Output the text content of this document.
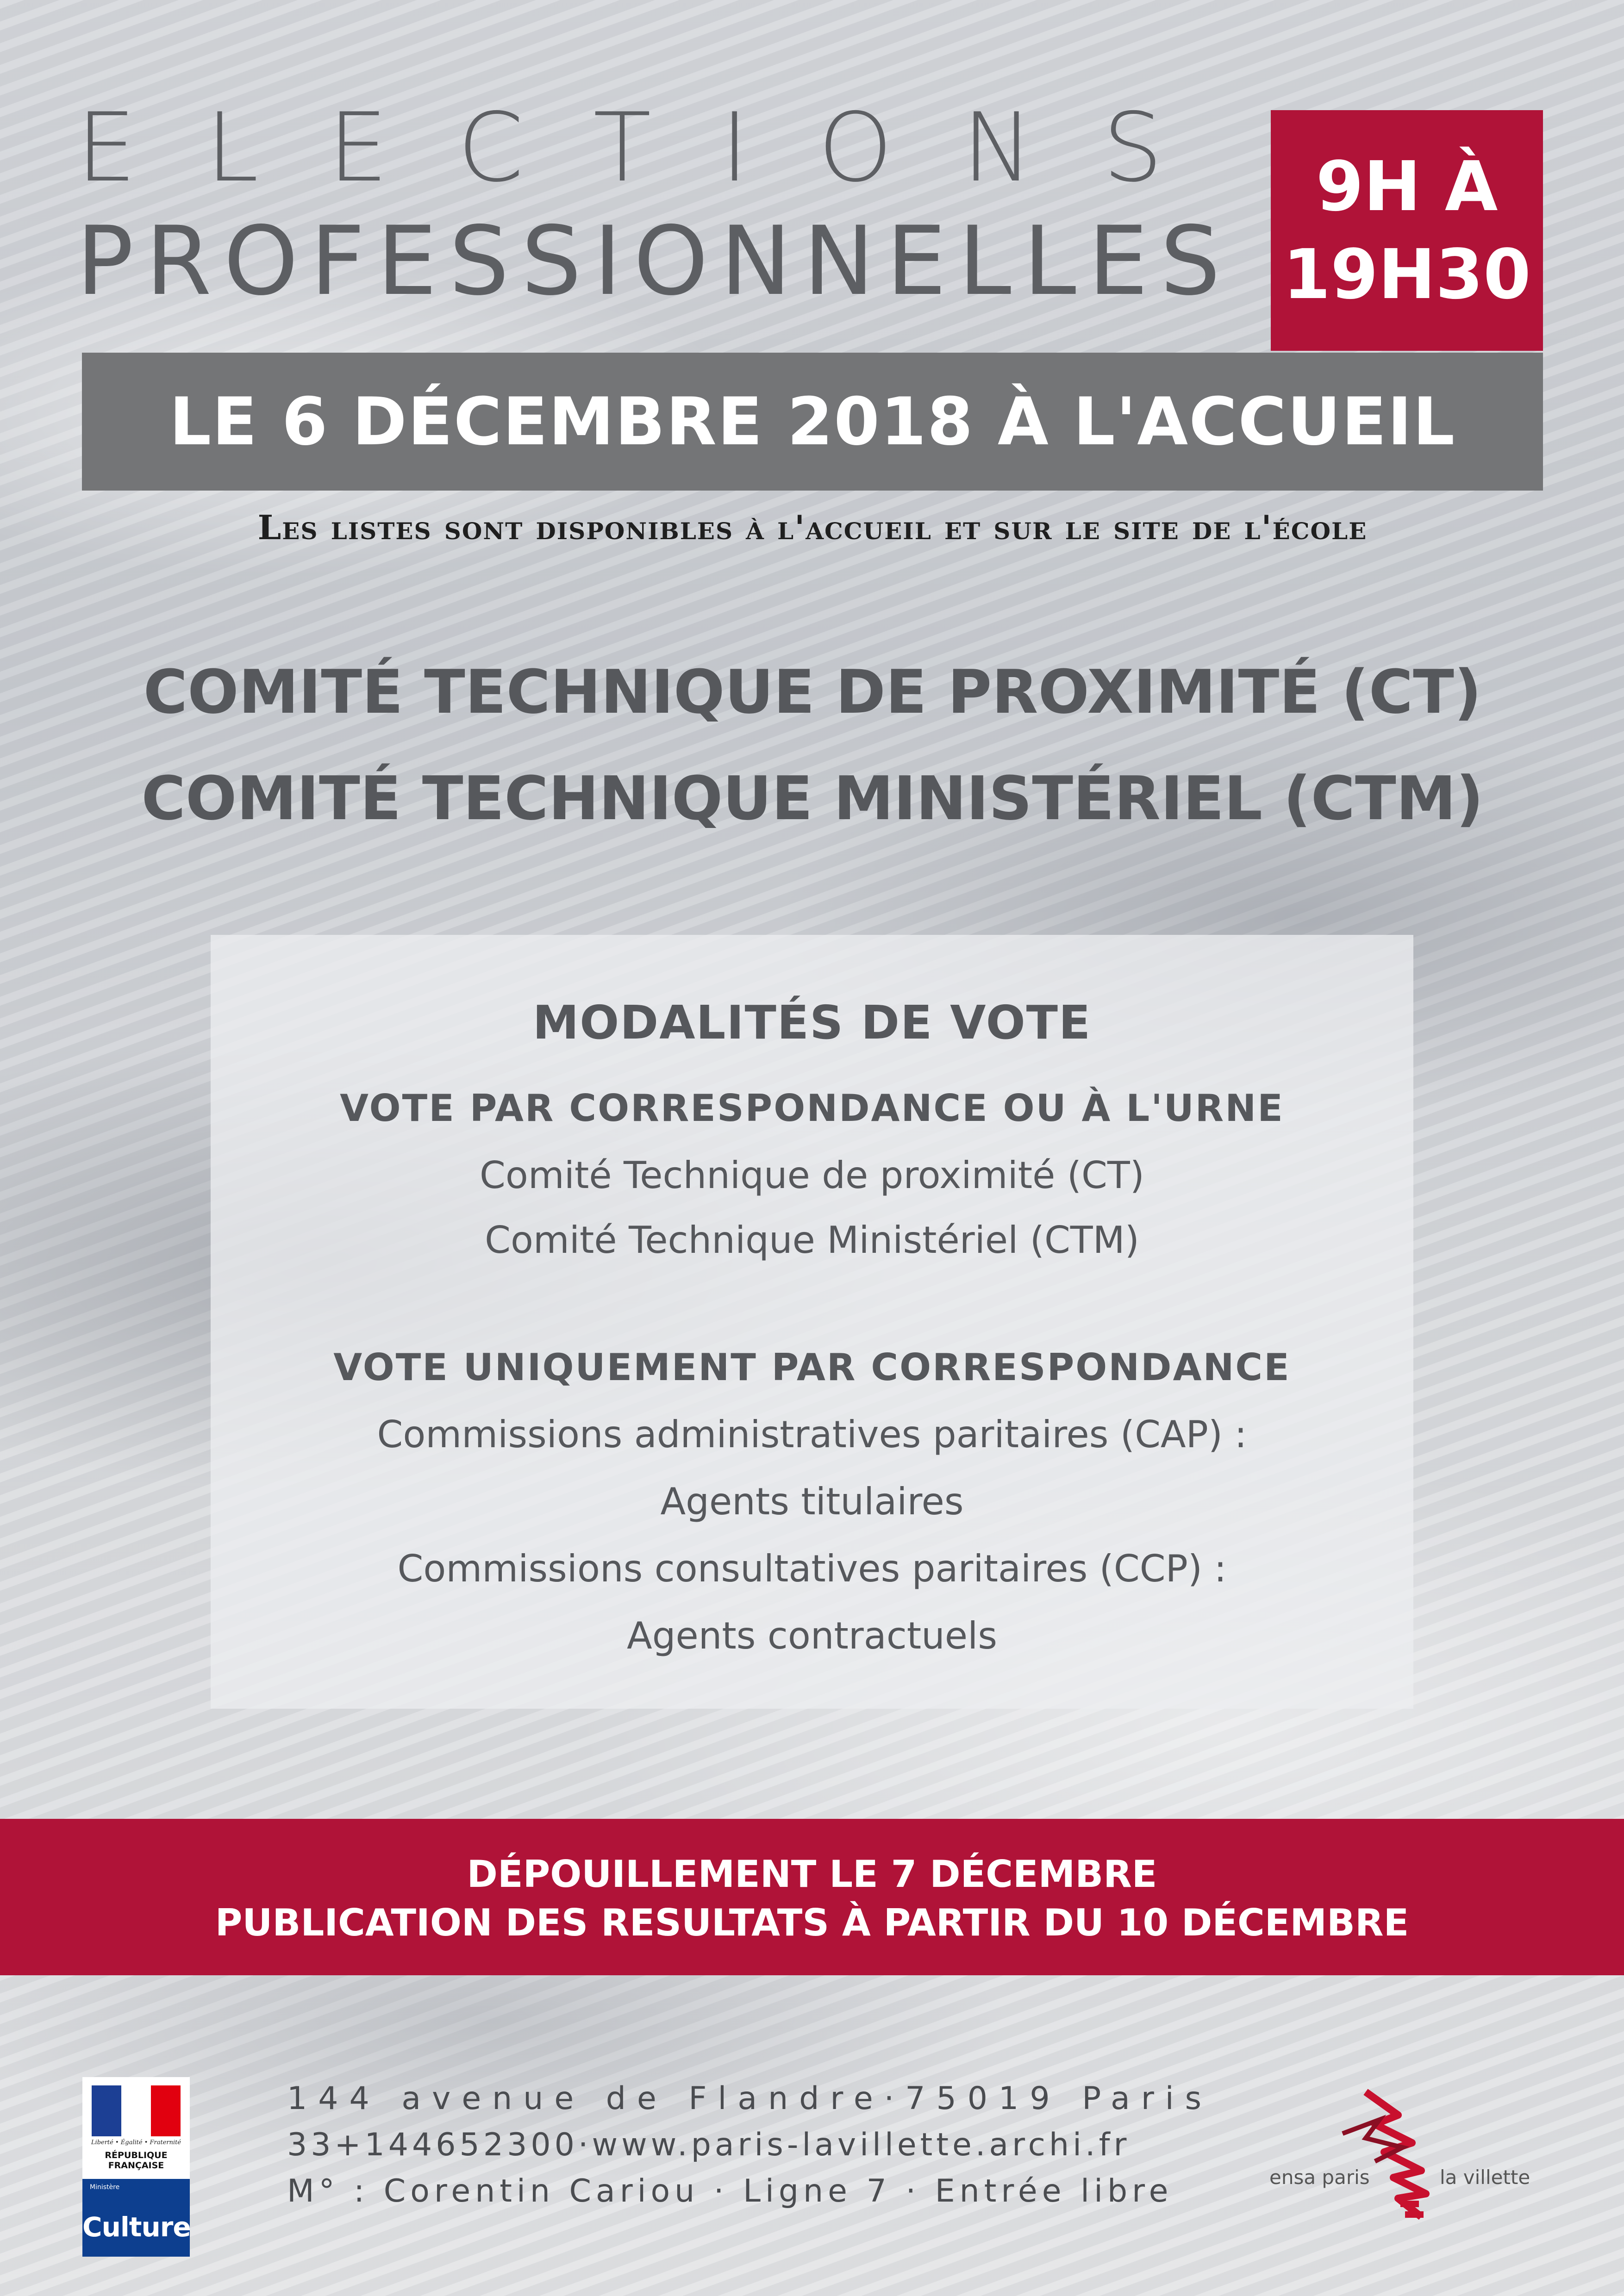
ELECTIONS
PROFESSIONNELLES
9H À
19H30
LE 6 DÉCEMBRE 2018 À L'ACCUEIL
Les listes sont disponibles à l'accueil et sur le site de l'école
COMITÉ TECHNIQUE DE PROXIMITÉ (CT)
COMITÉ TECHNIQUE MINISTÉRIEL (CTM)
MODALITÉS DE VOTE
VOTE PAR CORRESPONDANCE OU À L'URNE
Comité Technique de proximité (CT)
Comité Technique Ministériel (CTM)
VOTE UNIQUEMENT PAR CORRESPONDANCE
Commissions administratives paritaires (CAP) :
Agents titulaires
Commissions consultatives paritaires (CCP) :
Agents contractuels
DÉPOUILLEMENT LE 7 DÉCEMBRE
PUBLICATION DES RESULTATS À PARTIR DU 10 DÉCEMBRE
Liberté • Égalité • Fraternité
RÉPUBLIQUE FRANÇAISE
Ministère
Culture
144 avenue de Flandre·75019 Paris
33+144652300·www.paris-lavillette.archi.fr
M° : Corentin Cariou · Ligne 7 · Entrée libre	ensa paris	la villette
